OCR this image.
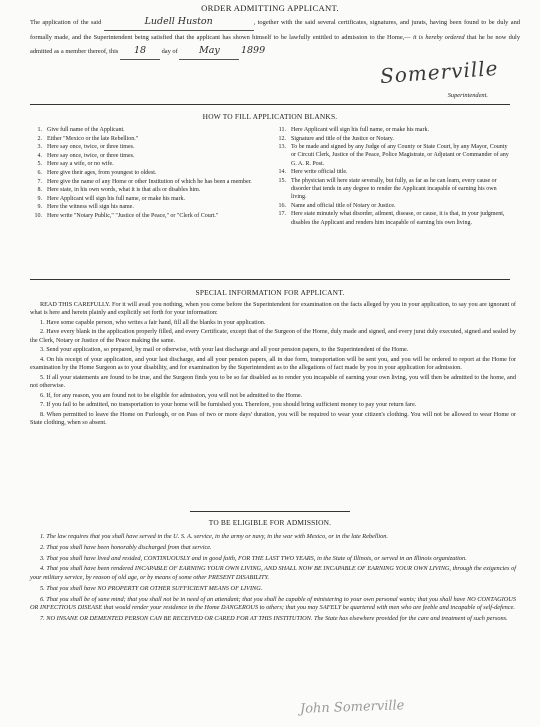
ORDER ADMITTING APPLICANT.
The application of the said	Ludell Huston	, together with the said several certificates, signatures, and jurats, having been found to be duly and formally made, and the Superintendent being satisfied that the applicant has shown himself to be lawfully entitled to admission to the Home,— it is hereby ordered that he be now duly admitted as a member thereof, this 18 day of May 1899
Somerville
Superintendent.
HOW TO FILL APPLICATION BLANKS.
1. Give full name of the Applicant.
2. Either "Mexico or the late Rebellion."
3. Here say once, twice, or three times.
4. Here say once, twice, or three times.
5. Here say a wife, or no wife.
6. Here give their ages, from youngest to oldest.
7. Here give the name of any Home or other Institution of which he has been a member.
8. Here state, in his own words, what it is that ails or disables him.
9. Here Applicant will sign his full name, or make his mark.
9. Here the witness will sign his name.
10. Here write "Notary Public," "Justice of the Peace," or "Clerk of Court."
11. Here Applicant will sign his full name, or make his mark.
12. Signature and title of the Justice or Notary.
13. To be made and signed by any Judge of any County or State Court, by any Mayor, County or Circuit Clerk, Justice of the Peace, Police Magistrate, or Adjutant or Commander of any G. A. R. Post.
14. Here write official title.
15. The physician will here state severally, but fully, as far as he can learn, every cause or disorder that tends in any degree to render the Applicant incapable of earning his own living.
16. Name and official title of Notary or Justice.
17. Here state minutely what disorder, ailment, disease, or cause, it is that, in your judgment, disables the Applicant and renders him incapable of earning his own living.
SPECIAL INFORMATION FOR APPLICANT.

READ THIS CAREFULLY. For it will avail you nothing, when you come before the Superintendent for examination on the facts alleged by you in your application, to say you are ignorant of what is here and herein plainly and explicitly set forth for your information:

1. Have some capable person, who writes a fair hand, fill all the blanks in your application.

2. Have every blank in the application properly filled, and every Certificate, except that of the Surgeon of the Home, duly made and signed, and every jurat duly executed, signed and sealed by the Clerk, Notary or Justice of the Peace making the same.

3. Send your application, so prepared, by mail or otherwise, with your last discharge and all your pension papers, to the Superintendent of the Home.

4. On his receipt of your application, and your last discharge, and all your pension papers, all in due form, transportation will be sent you, and you will be ordered to report at the Home for examination by the Home Surgeon as to your disability, and for examination by the Superintendent as to the allegations of fact made by you in your application for admission.

5. If all your statements are found to be true, and the Surgeon finds you to be so far disabled as to render you incapable of earning your own living, you will then be admitted to the home, and not otherwise.

6. If, for any reason, you are found not to be eligible for admission, you will not be admitted to the Home.

7. If you fail to be admitted, no transportation to your home will be furnished you. Therefore, you should bring sufficient money to pay your return fare.

8. When permitted to leave the Home on Furlough, or on Pass of two or more days' duration, you will be required to wear your citizen's clothing. You will not be allowed to wear Home or State clothing, when so absent.

TO BE ELIGIBLE FOR ADMISSION.

1. The law requires that you shall have served in the U. S. A. service, in the army or navy, in the war with Mexico, or in the late Rebellion.

2. That you shall have been honorably discharged from that service.

3. That you shall have lived and resided, CONTINUOUSLY and in good faith, FOR THE LAST TWO YEARS, in the State of Illinois, or served in an Illinois organization.

4. That you shall have been rendered INCAPABLE OF EARNING YOUR OWN LIVING, AND SHALL NOW BE INCAPABLE OF EARNING YOUR OWN LIVING, through the exigencies of your military service, by reason of old age, or by means of some other PRESENT DISABILITY.

5. That you shall have NO PROPERTY OR OTHER SUFFICIENT MEANS OF LIVING.

6. That you shall be of sane mind; that you shall not be in need of an attendant; that you shall be capable of ministering to your own personal wants; that you shall have NO CONTAGIOUS OR INFECTIOUS DISEASE that would render your residence in the Home DANGEROUS to others; that you may SAFELY be quartered with men who are feeble and incapable of self-defence.

7. NO INSANE OR DEMENTED PERSON CAN BE RECEIVED OR CARED FOR AT THIS INSTITUTION. The State has elsewhere provided for the care and treatment of such persons.

John Somerville
